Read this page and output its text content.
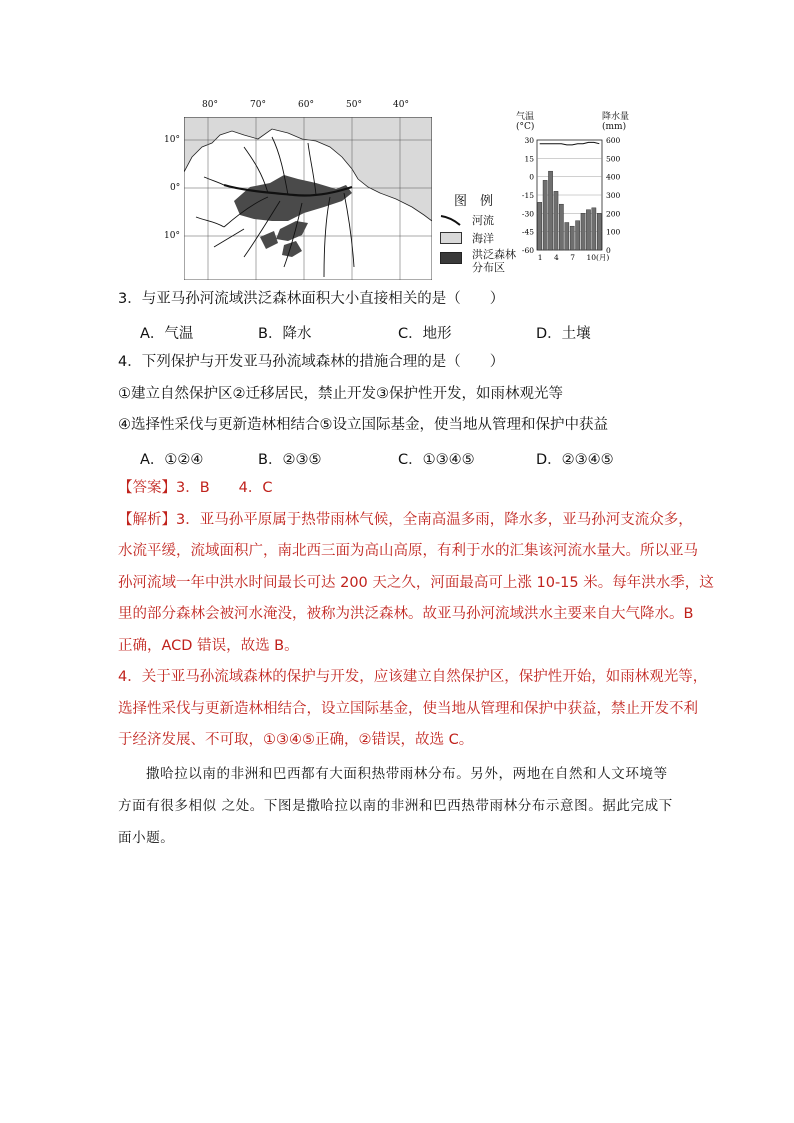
80°	70°	60°	50°	40°
10°
0°
10°
图　例
河流
海洋
洪泛森林
分布区
气温
(°C)
降水量
(mm)
30
15
0
-15
-30
-45
-60
600
500
400
300
200
100
0
1 4 7 10(月)
3．与亚马孙河流域洪泛森林面积大小直接相关的是（　　）
A．气温	B．降水	C．地形	D．土壤
4．下列保护与开发亚马孙流域森林的措施合理的是（　　）
①建立自然保护区②迁移居民，禁止开发③保护性开发，如雨林观光等
④选择性采伐与更新造林相结合⑤设立国际基金，使当地从管理和保护中获益
A．①②④	B．②③⑤	C．①③④⑤	D．②③④⑤
【答案】3．B　　4．C
【解析】3．亚马孙平原属于热带雨林气候，全南高温多雨，降水多，亚马孙河支流众多，
水流平缓，流域面积广，南北西三面为高山高原，有利于水的汇集该河流水量大。所以亚马
孙河流域一年中洪水时间最长可达 200 天之久，河面最高可上涨 10-15 米。每年洪水季，这
里的部分森林会被河水淹没，被称为洪泛森林。故亚马孙河流域洪水主要来自大气降水。B
正确，ACD 错误，故选 B。
4．关于亚马孙流域森林的保护与开发，应该建立自然保护区，保护性开始，如雨林观光等，
选择性采伐与更新造林相结合，设立国际基金，使当地从管理和保护中获益，禁止开发不利
于经济发展、不可取，①③④⑤正确，②错误，故选 C。
撒哈拉以南的非洲和巴西都有大面积热带雨林分布。另外，两地在自然和人文环境等
方面有很多相似 之处。下图是撒哈拉以南的非洲和巴西热带雨林分布示意图。据此完成下
面小题。
